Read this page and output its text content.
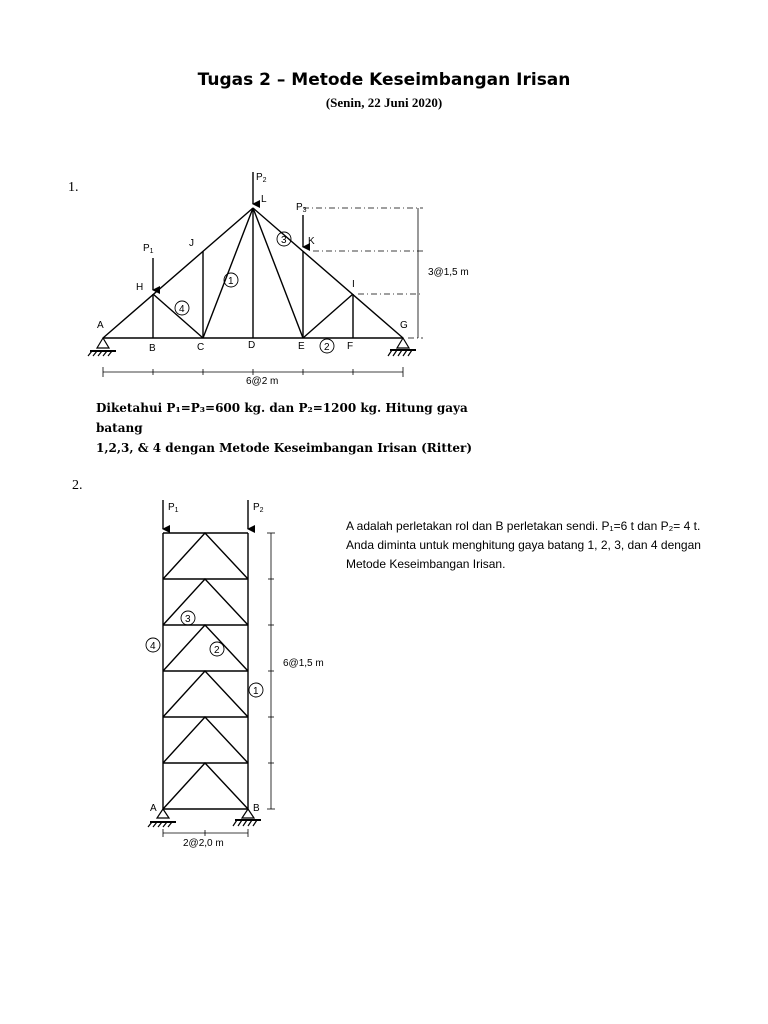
Tugas 2 – Metode Keseimbangan Irisan
(Senin, 22 Juni 2020)
1.
2.
A
B	C	D	E	F
G
H	I
J	K
L
$P_1$
$P_2$
$P_3$
1
2
3
4
3@1,5 m
6@2 m
1
2
3
4
$P_1$	$P_2$
A	B
6@1,5 m
2@2,0 m
Diketahui P₁=P₃=600 kg. dan P₂=1200 kg. Hitung gaya batang
1,2,3, & 4 dengan Metode Keseimbangan Irisan (Ritter)
A adalah perletakan rol dan B perletakan sendi. P₁=6 t dan P₂= 4 t.
Anda diminta untuk menghitung gaya batang 1, 2, 3, dan 4 dengan
Metode Keseimbangan Irisan.
